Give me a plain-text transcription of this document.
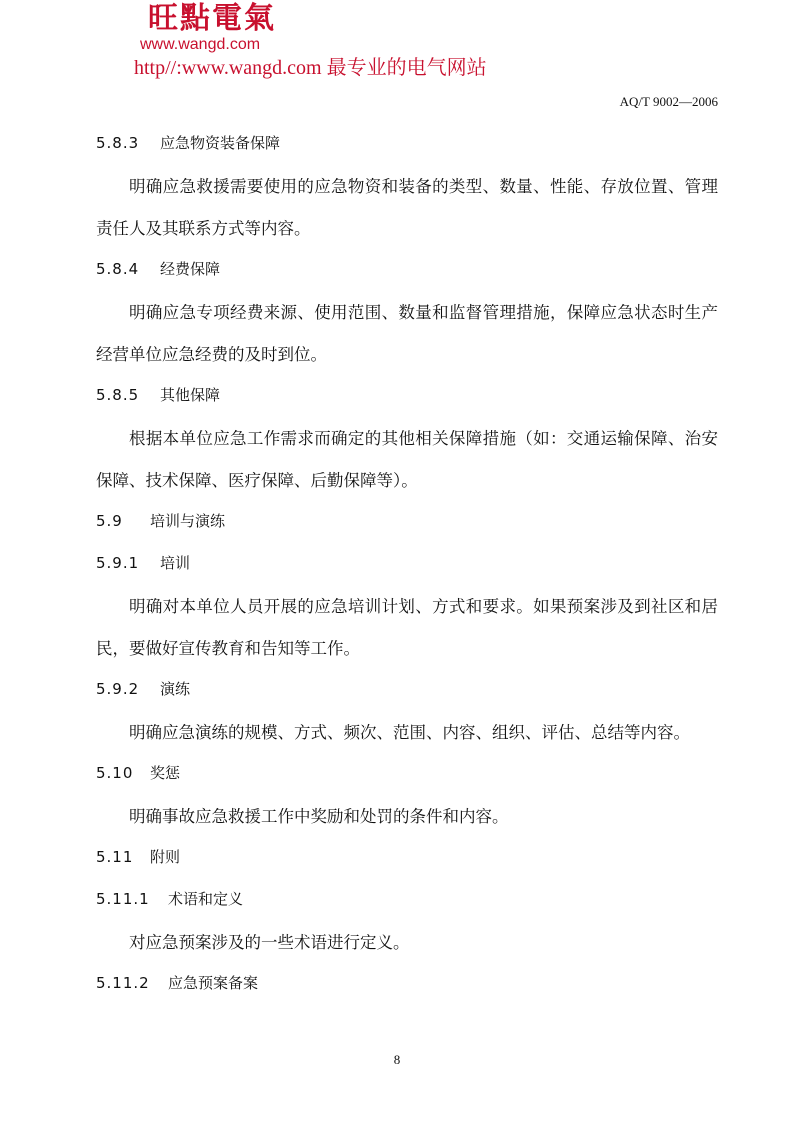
旺點電氣
www.wangd.com
http//:www.wangd.com 最专业的电气网站
AQ/T 9002—2006
5.8.3	应急物资装备保障

明确应急救援需要使用的应急物资和装备的类型、数量、性能、存放位置、管理责任人及其联系方式等内容。

5.8.4	经费保障

明确应急专项经费来源、使用范围、数量和监督管理措施，保障应急状态时生产经营单位应急经费的及时到位。

5.8.5	其他保障

根据本单位应急工作需求而确定的其他相关保障措施（如：交通运输保障、治安保障、技术保障、医疗保障、后勤保障等）。

5.9	培训与演练
5.9.1	培训

明确对本单位人员开展的应急培训计划、方式和要求。如果预案涉及到社区和居民，要做好宣传教育和告知等工作。

5.9.2	演练

明确应急演练的规模、方式、频次、范围、内容、组织、评估、总结等内容。

5.10	奖惩

明确事故应急救援工作中奖励和处罚的条件和内容。

5.11	附则
5.11.1	术语和定义

对应急预案涉及的一些术语进行定义。

5.11.2	应急预案备案
8
